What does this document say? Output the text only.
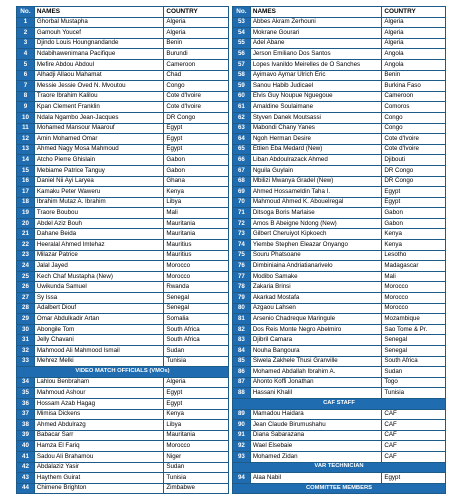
No.	NAMES	COUNTRY
1	Ghorbal Mustapha	Algeria
2	Gamouh Youcef	Algeria
3	Djindo Louis Houngnandande	Benin
4	Ndabihawenimana Pacifique	Burundi
5	Mefire Abdou Abdoul	Cameroon
6	Alhadji Allaou Mahamat	Chad
7	Messie Jessie Oved N. Mvoutou	Congo
8	Traore Ibrahim Kalilou	Cote d'Ivoire
9	Kpan Clement Franklin	Cote d'Ivoire
10	Ndala Ngambo Jean-Jacques	DR Congo
11	Mohamed Mansour Maarouf	Egypt
12	Amin Mohamed Omar	Egypt
13	Ahmed Nagy Mosa Mahmoud	Egypt
14	Atcho Pierre Ghislain	Gabon
15	Mebiame Patrice Tanguy	Gabon
16	Daniel Nii Ayi Laryea	Ghana
17	Kamaku Peter Waweru	Kenya
18	Ibrahim Mutaz A. Ibrahim	Libya
19	Traore Boubou	Mali
20	Abdel Aziz Bouh	Mauritania
21	Dahane Beida	Mauritania
22	Heeralal Ahmed Imtehaz	Mauritius
23	Milazar Patrice	Mauritius
24	Jalal Jayed	Morocco
25	Kech Chaf Mustapha (New)	Morocco
26	Uwikunda Samuel	Rwanda
27	Sy Issa	Senegal
28	Adalbert Diouf	Senegal
29	Omar Abdulkadir Artan	Somalia
30	Abongile Tom	South Africa
31	Jelly Chavani	South Africa
32	Mahmood Ali Mahmood Ismail	Sudan
33	Mehrez Melki	Tunisia
VIDEO MATCH OFFICIALS (VMOs)		
34	Lahlou Benbraham	Algeria
35	Mahmoud Ashour	Egypt
36	Hossam Azab Hagag	Egypt
37	Mimisa Dickens	Kenya
38	Ahmed Abdulrazg	Libya
39	Babacar Sarr	Mauritania
40	Hamza El Fariq	Morocco
41	Sadou Ali Brahamou	Niger
42	Abdalaziz Yasir	Sudan
43	Haythem Guirat	Tunisia
44	Chimene Brighton	Zimbabwe
No.	NAMES	COUNTRY
53	Abbes Akram Zerhouni	Algeria
54	Mokrane Gourari	Algeria
55	Adel Abane	Algeria
56	Jerson Emiliano Dos Santos	Angola
57	Lopes Ivanildo Meirelles de O Sanches	Angola
58	Ayimavo Aymar Ulrich Eric	Benin
59	Sanou Habib Judicael	Burkina Faso
60	Elvis Guy Noupue Nguegoue	Cameroon
61	Amaldine Soulaimane	Comoros
62	Styven Danek Moutsassi	Congo
63	Mabondi Chany Yanes	Congo
64	Ngoh Herman Desire	Cote d'Ivoire
65	Ettien Eba Medard (New)	Cote d'Ivoire
66	Liban Abdoulrazack Ahmed	Djibouti
67	Nguila Guylain	DR Congo
68	Mbilizi Mwanya Gradel (New)	DR Congo
69	Ahmed Hossameldin Taha I.	Egypt
70	Mahmoud Ahmed K. Abouelregal	Egypt
71	Ditsoga Boris Marlaise	Gabon
72	Amos B Abeigne Ndong (New)	Gabon
73	Gilbert Cheruiyot Kipkoech	Kenya
74	Yiembe Stephen Eleazar Onyango	Kenya
75	Souru Phatsoane	Lesotho
76	Dimbiniaina Andriatianarivelo	Madagascar
77	Modibo Samake	Mali
78	Zakaria Brinsi	Morocco
79	Akarkad Mostafa	Morocco
80	Azgaou Lahsen	Morocco
81	Arsenio Chadreque Maringule	Mozambique
82	Dos Reis Monte Negro Abelmiro	Sao Tome & Pr.
83	Djibril Camara	Senegal
84	Nouha Bangoura	Senegal
85	Siwela Zakhele Thusi Granville	South Africa
86	Mohamed Abdallah Ibrahim A.	Sudan
87	Ahonto Koffi Jonathan	Togo
88	Hassani Khalil	Tunisia
CAF STAFF		
89	Mamadou Haidara	CAF
90	Jean Claude Birumushahu	CAF
91	Diana Sabarazana	CAF
92	Wael Elsebaie	CAF
93	Mohamed Zidan	CAF
VAR TECHNICIAN		
94	Alaa Nabil	Egypt
COMMITTEE MEMBERS		
